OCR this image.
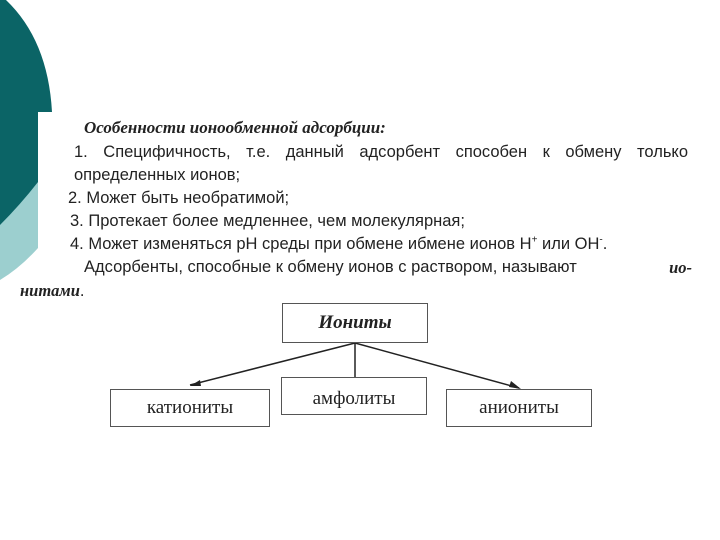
Особенности ионообменной адсорбции:
1. Специфичность, т.е. данный адсорбент способен к обмену только
определенных ионов;
2. Может быть необратимой;
3. Протекает более медленнее, чем молекулярная;
4. Может изменяться рН среды при обмене ибмене ионов Н+ или ОН-.
Адсорбенты, способные к обмену ионов с раствором, называют	ио-
нитами.
Иониты
катиониты	амфолиты	аниониты
